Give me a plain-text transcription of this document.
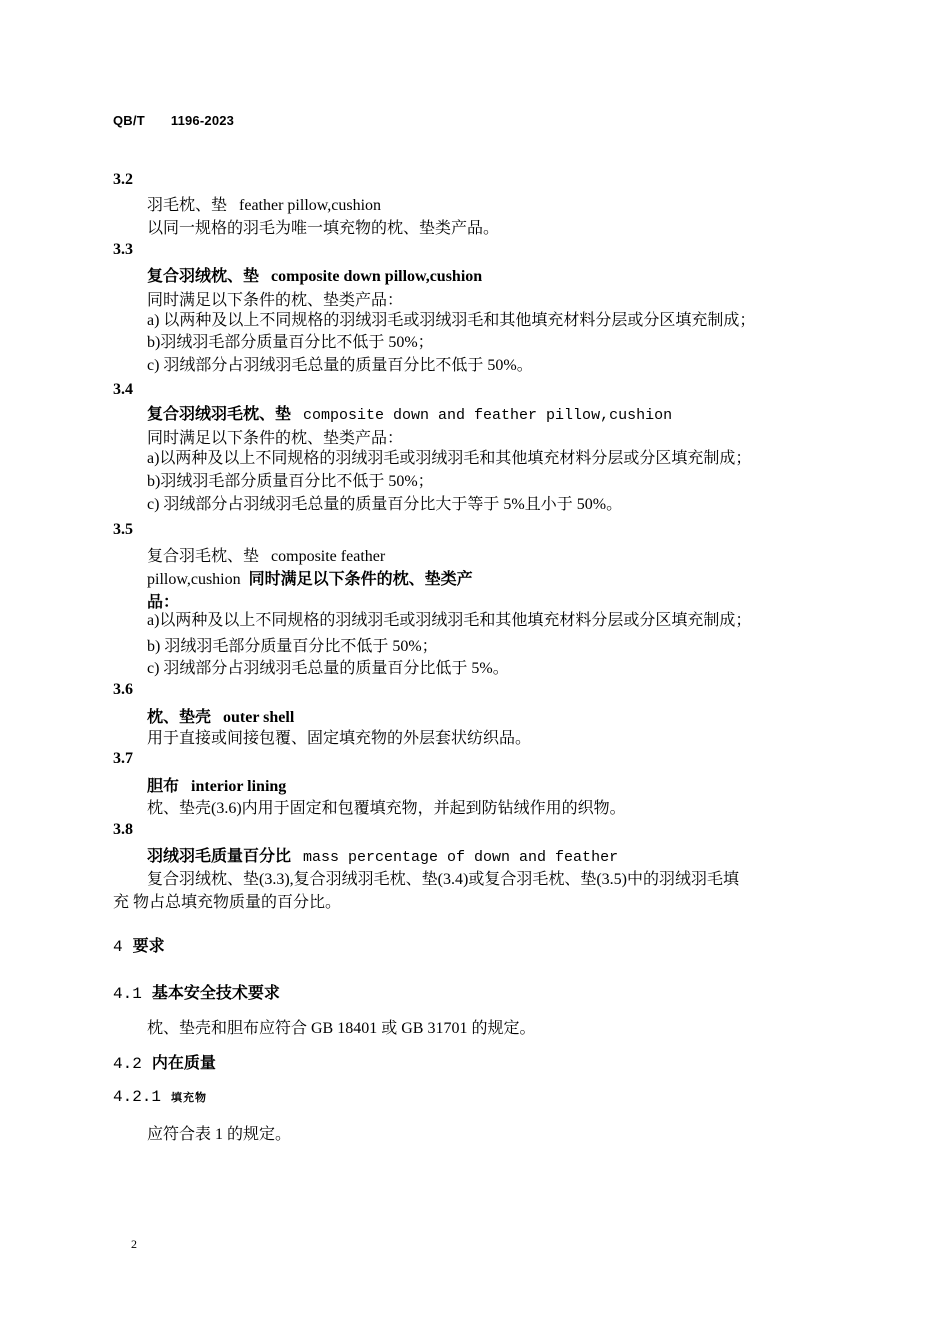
QB/T 1196-2023
3.2
羽毛枕、垫 feather pillow,cushion
以同一规格的羽毛为唯一填充物的枕、垫类产品。
3.3
复合羽绒枕、垫 composite down pillow,cushion
同时满足以下条件的枕、垫类产品：
a) 以两种及以上不同规格的羽绒羽毛或羽绒羽毛和其他填充材料分层或分区填充制成；
b)羽绒羽毛部分质量百分比不低于 50%；
c) 羽绒部分占羽绒羽毛总量的质量百分比不低于 50%。
3.4
复合羽绒羽毛枕、垫 composite down and feather pillow,cushion
同时满足以下条件的枕、垫类产品：
a)以两种及以上不同规格的羽绒羽毛或羽绒羽毛和其他填充材料分层或分区填充制成；
b)羽绒羽毛部分质量百分比不低于 50%；
c) 羽绒部分占羽绒羽毛总量的质量百分比大于等于 5%且小于 50%。
3.5
复合羽毛枕、垫 composite feather
pillow,cushion 同时满足以下条件的枕、垫类产
品：
a)以两种及以上不同规格的羽绒羽毛或羽绒羽毛和其他填充材料分层或分区填充制成；
b) 羽绒羽毛部分质量百分比不低于 50%；
c) 羽绒部分占羽绒羽毛总量的质量百分比低于 5%。
3.6
枕、垫壳 outer shell
用于直接或间接包覆、固定填充物的外层套状纺织品。
3.7
胆布 interior lining
枕、垫壳(3.6)内用于固定和包覆填充物，并起到防钻绒作用的织物。
3.8
羽绒羽毛质量百分比 mass percentage of down and feather
复合羽绒枕、垫(3.3),复合羽绒羽毛枕、垫(3.4)或复合羽毛枕、垫(3.5)中的羽绒羽毛填
充 物占总填充物质量的百分比。
4 要求
4.1 基本安全技术要求
枕、垫壳和胆布应符合 GB 18401 或 GB 31701 的规定。
4.2 内在质量
4.2.1 填充物
应符合表 1 的规定。
2
